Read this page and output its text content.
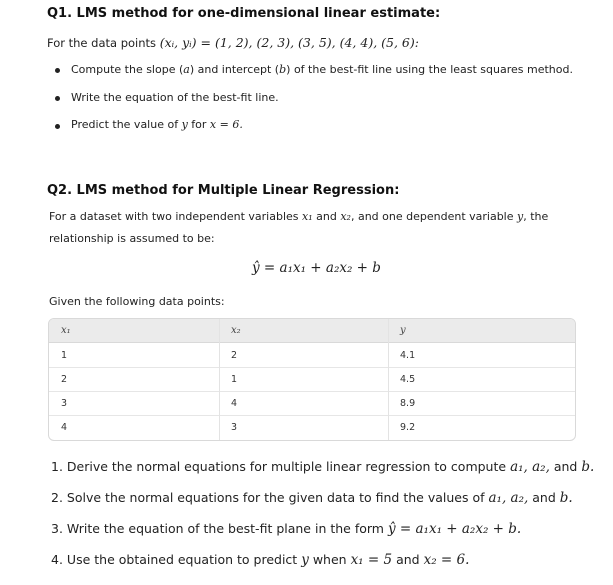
Q1. LMS method for one-dimensional linear estimate:
For the data points (xᵢ, yᵢ) = (1, 2), (2, 3), (3, 5), (4, 4), (5, 6):
Compute the slope (a) and intercept (b) of the best-fit line using the least squares method.
Write the equation of the best-fit line.
Predict the value of y for x = 6.
Q2. LMS method for Multiple Linear Regression:
For a dataset with two independent variables x₁ and x₂, and one dependent variable y, the
relationship is assumed to be:
ŷ = a₁x₁ + a₂x₂ + b
Given the following data points:
x₁	x₂	y
1	2	4.1
2	1	4.5
3	4	8.9
4	3	9.2
1. Derive the normal equations for multiple linear regression to compute a₁, a₂, and b.
2. Solve the normal equations for the given data to find the values of a₁, a₂, and b.
3. Write the equation of the best-fit plane in the form ŷ = a₁x₁ + a₂x₂ + b.
4. Use the obtained equation to predict y when x₁ = 5 and x₂ = 6.
